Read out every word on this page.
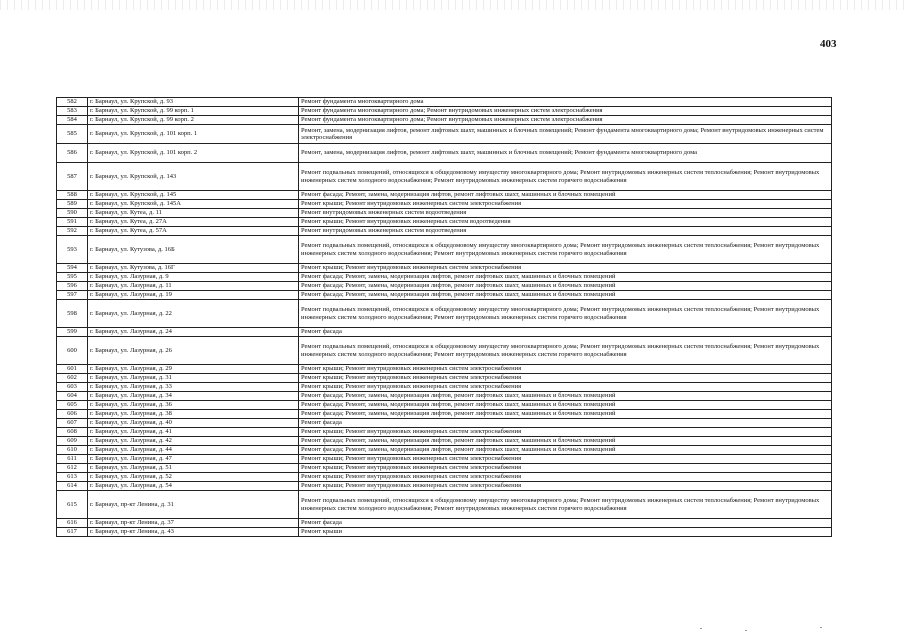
403
582	г. Барнаул, ул. Крупской, д. 93	Ремонт фундамента многоквартирного дома
583	г. Барнаул, ул. Крупской, д. 99 корп. 1	Ремонт фундамента многоквартирного дома; Ремонт внутридомовых инженерных систем электроснабжения
584	г. Барнаул, ул. Крупской, д. 99 корп. 2	Ремонт фундамента многоквартирного дома; Ремонт внутридомовых инженерных систем электроснабжения
585	г. Барнаул, ул. Крупской, д. 101 корп. 1	Ремонт, замена, модернизация лифтов, ремонт лифтовых шахт, машинных и блочных помещений; Ремонт фундамента многоквартирного дома; Ремонт внутридомовых инженерных систем электроснабжения
586	г. Барнаул, ул. Крупской, д. 101 корп. 2	Ремонт, замена, модернизация лифтов, ремонт лифтовых шахт, машинных и блочных помещений; Ремонт фундамента многоквартирного дома
587	г. Барнаул, ул. Крупской, д. 143	Ремонт подвальных помещений, относящихся к общедомовому имуществу многоквартирного дома; Ремонт внутридомовых инженерных систем теплоснабжения; Ремонт внутридомовых инженерных систем холодного водоснабжения; Ремонт внутридомовых инженерных систем горячего водоснабжения
588	г. Барнаул, ул. Крупской, д. 145	Ремонт фасада; Ремонт, замена, модернизация лифтов, ремонт лифтовых шахт, машинных и блочных помещений
589	г. Барнаул, ул. Крупской, д. 145А	Ремонт крыши; Ремонт внутридомовых инженерных систем электроснабжения
590	г. Барнаул, ул. Кутеа, д. 11	Ремонт внутридомовых инженерных систем водоотведения
591	г. Барнаул, ул. Кутеа, д. 27А	Ремонт крыши; Ремонт внутридомовых инженерных систем водоотведения
592	г. Барнаул, ул. Кутеа, д. 57А	Ремонт внутридомовых инженерных систем водоотведения
593	г. Барнаул, ул. Кутузова, д. 16Б	Ремонт подвальных помещений, относящихся к общедомовому имуществу многоквартирного дома; Ремонт внутридомовых инженерных систем теплоснабжения; Ремонт внутридомовых инженерных систем холодного водоснабжения; Ремонт внутридомовых инженерных систем горячего водоснабжения
594	г. Барнаул, ул. Кутузова, д. 16Г	Ремонт крыши; Ремонт внутридомовых инженерных систем электроснабжения
595	г. Барнаул, ул. Лазурная, д. 9	Ремонт фасада; Ремонт, замена, модернизация лифтов, ремонт лифтовых шахт, машинных и блочных помещений
596	г. Барнаул, ул. Лазурная, д. 11	Ремонт фасада; Ремонт, замена, модернизация лифтов, ремонт лифтовых шахт, машинных и блочных помещений
597	г. Барнаул, ул. Лазурная, д. 19	Ремонт фасада; Ремонт, замена, модернизация лифтов, ремонт лифтовых шахт, машинных и блочных помещений
598	г. Барнаул, ул. Лазурная, д. 22	Ремонт подвальных помещений, относящихся к общедомовому имуществу многоквартирного дома; Ремонт внутридомовых инженерных систем теплоснабжения; Ремонт внутридомовых инженерных систем холодного водоснабжения; Ремонт внутридомовых инженерных систем горячего водоснабжения
599	г. Барнаул, ул. Лазурная, д. 24	Ремонт фасада
600	г. Барнаул, ул. Лазурная, д. 26	Ремонт подвальных помещений, относящихся к общедомовому имуществу многоквартирного дома; Ремонт внутридомовых инженерных систем теплоснабжения; Ремонт внутридомовых инженерных систем холодного водоснабжения; Ремонт внутридомовых инженерных систем горячего водоснабжения
601	г. Барнаул, ул. Лазурная, д. 29	Ремонт крыши; Ремонт внутридомовых инженерных систем электроснабжения
602	г. Барнаул, ул. Лазурная, д. 31	Ремонт крыши; Ремонт внутридомовых инженерных систем электроснабжения
603	г. Барнаул, ул. Лазурная, д. 33	Ремонт крыши; Ремонт внутридомовых инженерных систем электроснабжения
604	г. Барнаул, ул. Лазурная, д. 34	Ремонт фасада; Ремонт, замена, модернизация лифтов, ремонт лифтовых шахт, машинных и блочных помещений
605	г. Барнаул, ул. Лазурная, д. 36	Ремонт фасада; Ремонт, замена, модернизация лифтов, ремонт лифтовых шахт, машинных и блочных помещений
606	г. Барнаул, ул. Лазурная, д. 38	Ремонт фасада; Ремонт, замена, модернизация лифтов, ремонт лифтовых шахт, машинных и блочных помещений
607	г. Барнаул, ул. Лазурная, д. 40	Ремонт фасада
608	г. Барнаул, ул. Лазурная, д. 41	Ремонт крыши; Ремонт внутридомовых инженерных систем электроснабжения
609	г. Барнаул, ул. Лазурная, д. 42	Ремонт фасада; Ремонт, замена, модернизация лифтов, ремонт лифтовых шахт, машинных и блочных помещений
610	г. Барнаул, ул. Лазурная, д. 44	Ремонт фасада; Ремонт, замена, модернизация лифтов, ремонт лифтовых шахт, машинных и блочных помещений
611	г. Барнаул, ул. Лазурная, д. 47	Ремонт крыши; Ремонт внутридомовых инженерных систем электроснабжения
612	г. Барнаул, ул. Лазурная, д. 51	Ремонт крыши; Ремонт внутридомовых инженерных систем электроснабжения
613	г. Барнаул, ул. Лазурная, д. 52	Ремонт крыши; Ремонт внутридомовых инженерных систем электроснабжения
614	г. Барнаул, ул. Лазурная, д. 54	Ремонт крыши; Ремонт внутридомовых инженерных систем электроснабжения
615	г. Барнаул, пр-кт Ленина, д. 31	Ремонт подвальных помещений, относящихся к общедомовому имуществу многоквартирного дома; Ремонт внутридомовых инженерных систем теплоснабжения; Ремонт внутридомовых инженерных систем холодного водоснабжения; Ремонт внутридомовых инженерных систем горячего водоснабжения
616	г. Барнаул, пр-кт Ленина, д. 37	Ремонт фасада
617	г. Барнаул, пр-кт Ленина, д. 43	Ремонт крыши
